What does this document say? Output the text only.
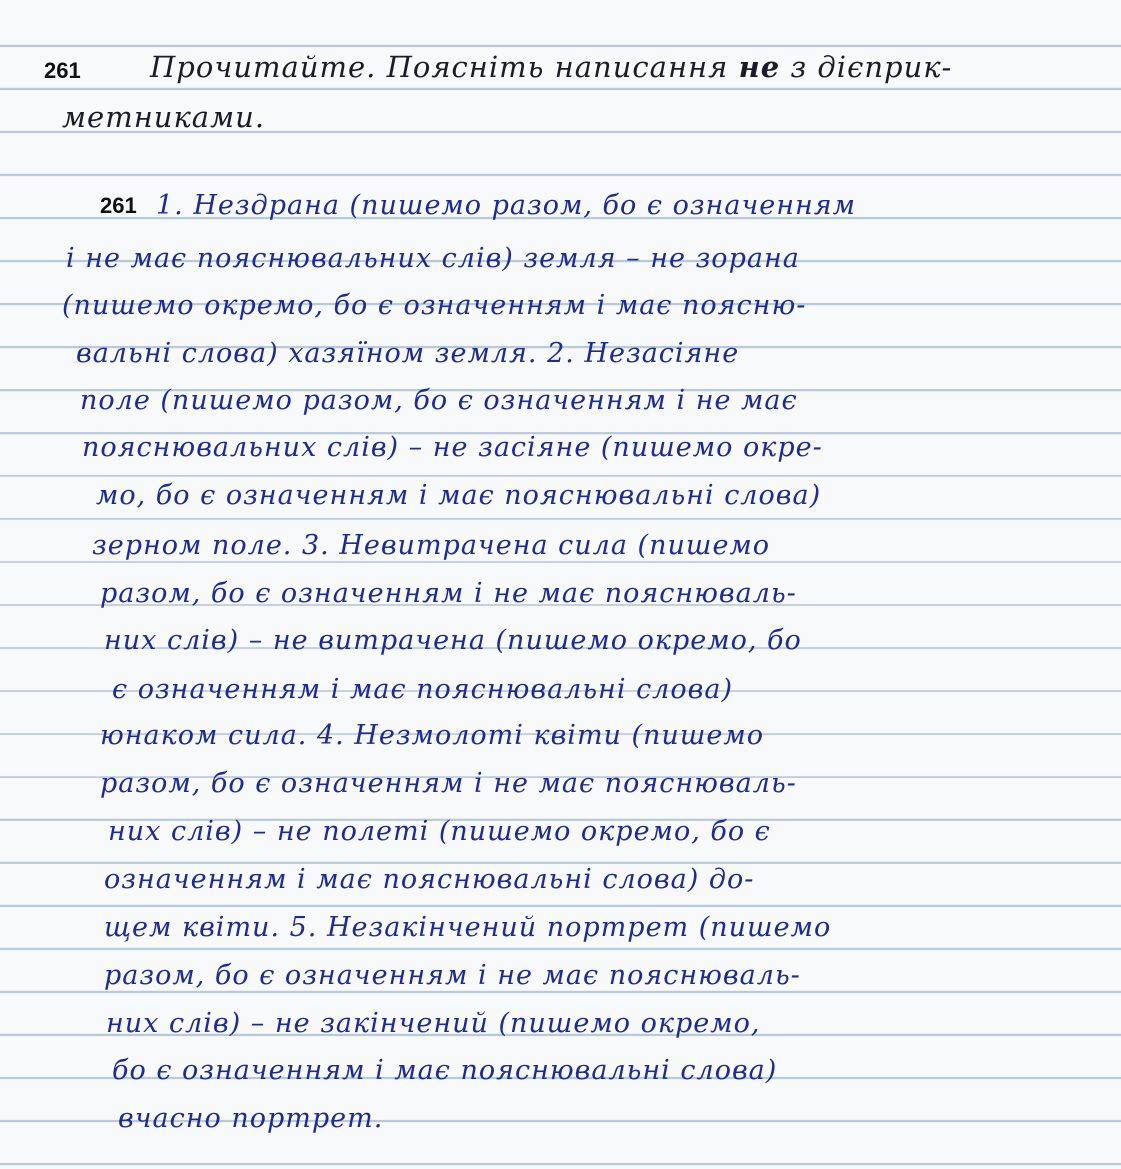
261 Прочитайте. Поясніть написання не з дієприк-
метниками.
261 1. Нездрана (пишемо разом, бо є означенням
і не має пояснювальних слів) земля – не зорана
(пишемо окремо, бо є означенням і має поясню-
вальні слова) хазяїном земля. 2. Незасіяне
поле (пишемо разом, бо є означенням і не має
пояснювальних слів) – не засіяне (пишемо окре-
мо, бо є означенням і має пояснювальні слова)
зерном поле. 3. Невитрачена сила (пишемо
разом, бо є означенням і не має пояснюваль-
них слів) – не витрачена (пишемо окремо, бо
є означенням і має пояснювальні слова)
юнаком сила. 4. Незмолоті квіти (пишемо
разом, бо є означенням і не має пояснюваль-
них слів) – не полеті (пишемо окремо, бо є
означенням і має пояснювальні слова) до-
щем квіти. 5. Незакінчений портрет (пишемо
разом, бо є означенням і не має пояснюваль-
них слів) – не закінчений (пишемо окремо,
бо є означенням і має пояснювальні слова)
вчасно портрет.
